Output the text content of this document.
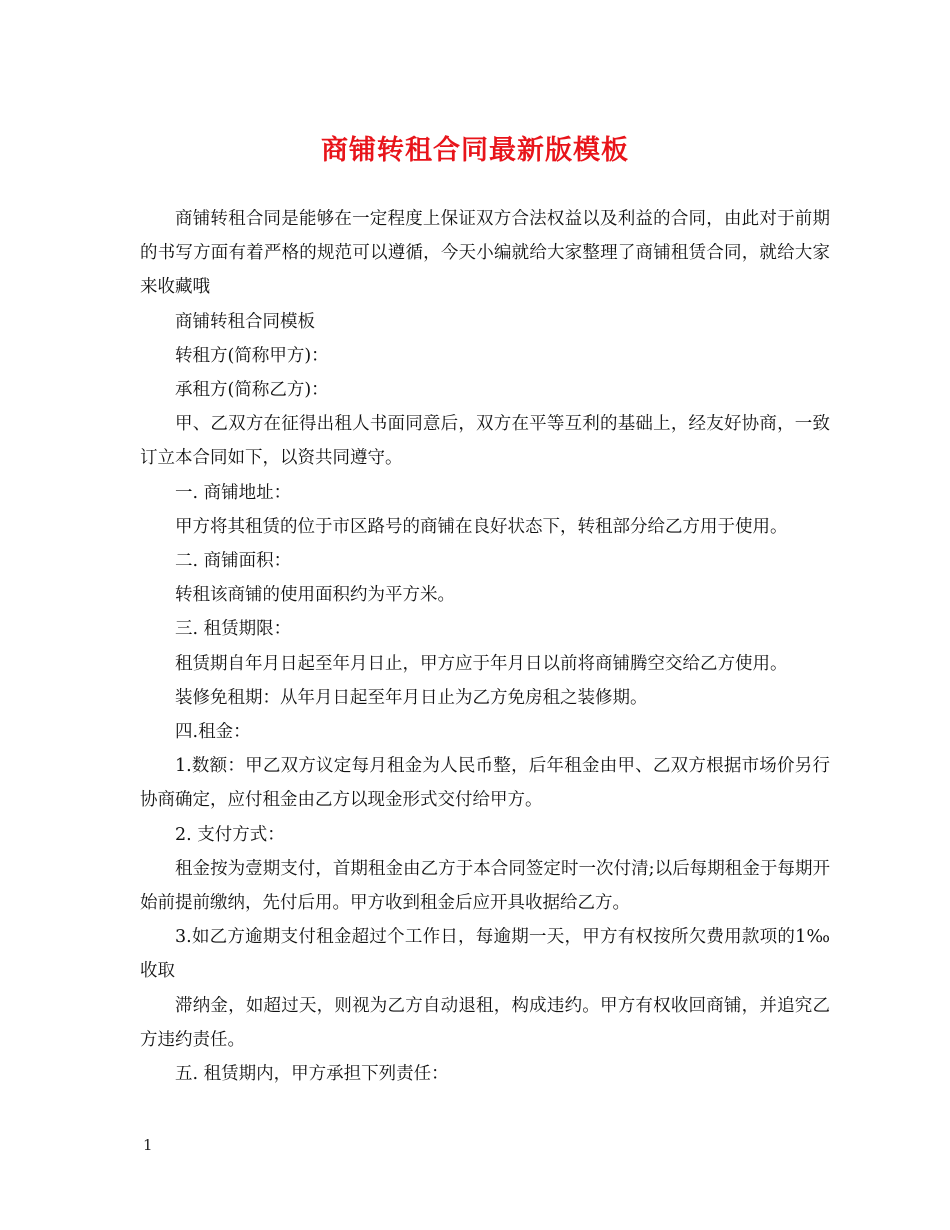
商铺转租合同最新版模板

商铺转租合同是能够在一定程度上保证双方合法权益以及利益的合同，由此对于前期的书写方面有着严格的规范可以遵循，今天小编就给大家整理了商铺租赁合同，就给大家来收藏哦

商铺转租合同模板

转租方(简称甲方)：

承租方(简称乙方)：

甲、乙双方在征得出租人书面同意后，双方在平等互利的基础上，经友好协商，一致订立本合同如下，以资共同遵守。

一. 商铺地址：

甲方将其租赁的位于市区路号的商铺在良好状态下，转租部分给乙方用于使用。

二. 商铺面积：

转租该商铺的使用面积约为平方米。

三. 租赁期限：

租赁期自年月日起至年月日止，甲方应于年月日以前将商铺腾空交给乙方使用。

装修免租期：从年月日起至年月日止为乙方免房租之装修期。

四.租金：

1.数额：甲乙双方议定每月租金为人民币整，后年租金由甲、乙双方根据市场价另行协商确定，应付租金由乙方以现金形式交付给甲方。

2. 支付方式：

租金按为壹期支付，首期租金由乙方于本合同签定时一次付清;以后每期租金于每期开始前提前缴纳，先付后用。甲方收到租金后应开具收据给乙方。

3.如乙方逾期支付租金超过个工作日，每逾期一天，甲方有权按所欠费用款项的1‰收取

滞纳金，如超过天，则视为乙方自动退租，构成违约。甲方有权收回商铺，并追究乙方违约责任。

五. 租赁期内，甲方承担下列责任：

1
